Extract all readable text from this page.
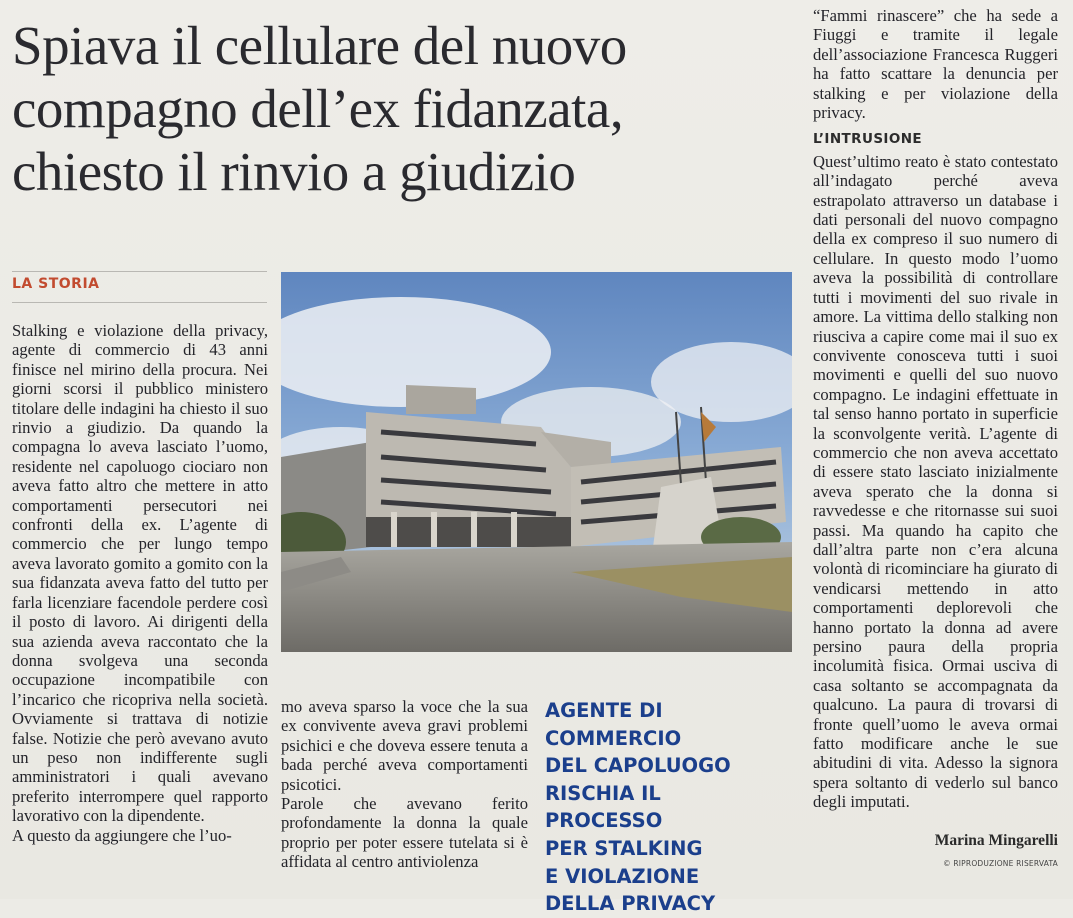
Spiava il cellulare del nuovo
compagno dell’ex fidanzata,
chiesto il rinvio a giudizio
LA STORIA

Stalking e violazione della privacy, agente di commercio di 43 anni finisce nel mirino della procura. Nei giorni scorsi il pubblico ministero titolare delle indagini ha chiesto il suo rinvio a giudizio. Da quando la compagna lo aveva lasciato l’uomo, residente nel capoluogo ciociaro non aveva fatto altro che mettere in atto comportamenti persecutori nei confronti della ex. L’agente di commercio che per lungo tempo aveva lavorato gomito a gomito con la sua fidanzata aveva fatto del tutto per farla licenziare facendole perdere così il posto di lavoro. Ai dirigenti della sua azienda aveva raccontato che la donna svolgeva una seconda occupazione incompatibile con l’incarico che ricopriva nella società. Ovviamente si trattava di notizie false. Notizie che però avevano avuto un peso non indifferente sugli amministratori i quali avevano preferito interrompere quel rapporto lavorativo con la dipendente.

A questo da aggiungere che l’uo-

mo aveva sparso la voce che la sua ex convivente aveva gravi problemi psichici e che doveva essere tenuta a bada perché aveva comportamenti psicotici.

Parole che avevano ferito profondamente la donna la quale proprio per poter essere tutelata si è affidata al centro antiviolenza

AGENTE DI COMMERCIO
DEL CAPOLUOGO
RISCHIA IL PROCESSO
PER STALKING
E VIOLAZIONE
DELLA PRIVACY

“Fammi rinascere” che ha sede a Fiuggi e tramite il legale dell’associazione Francesca Ruggeri ha fatto scattare la denuncia per stalking e per violazione della privacy.

L’INTRUSIONE

Quest’ultimo reato è stato contestato all’indagato perché aveva estrapolato attraverso un database i dati personali del nuovo compagno della ex compreso il suo numero di cellulare. In questo modo l’uomo aveva la possibilità di controllare tutti i movimenti del suo rivale in amore. La vittima dello stalking non riusciva a capire come mai il suo ex convivente conosceva tutti i suoi movimenti e quelli del suo nuovo compagno. Le indagini effettuate in tal senso hanno portato in superficie la sconvolgente verità. L’agente di commercio che non aveva accettato di essere stato lasciato inizialmente aveva sperato che la donna si ravvedesse e che ritornasse sui suoi passi. Ma quando ha capito che dall’altra parte non c’era alcuna volontà di ricominciare ha giurato di vendicarsi mettendo in atto comportamenti deplorevoli che hanno portato la donna ad avere persino paura della propria incolumità fisica. Ormai usciva di casa soltanto se accompagnata da qualcuno. La paura di trovarsi di fronte quell’uomo le aveva ormai fatto modificare anche le sue abitudini di vita. Adesso la signora spera soltanto di vederlo sul banco degli imputati.

Marina Mingarelli
© RIPRODUZIONE RISERVATA
